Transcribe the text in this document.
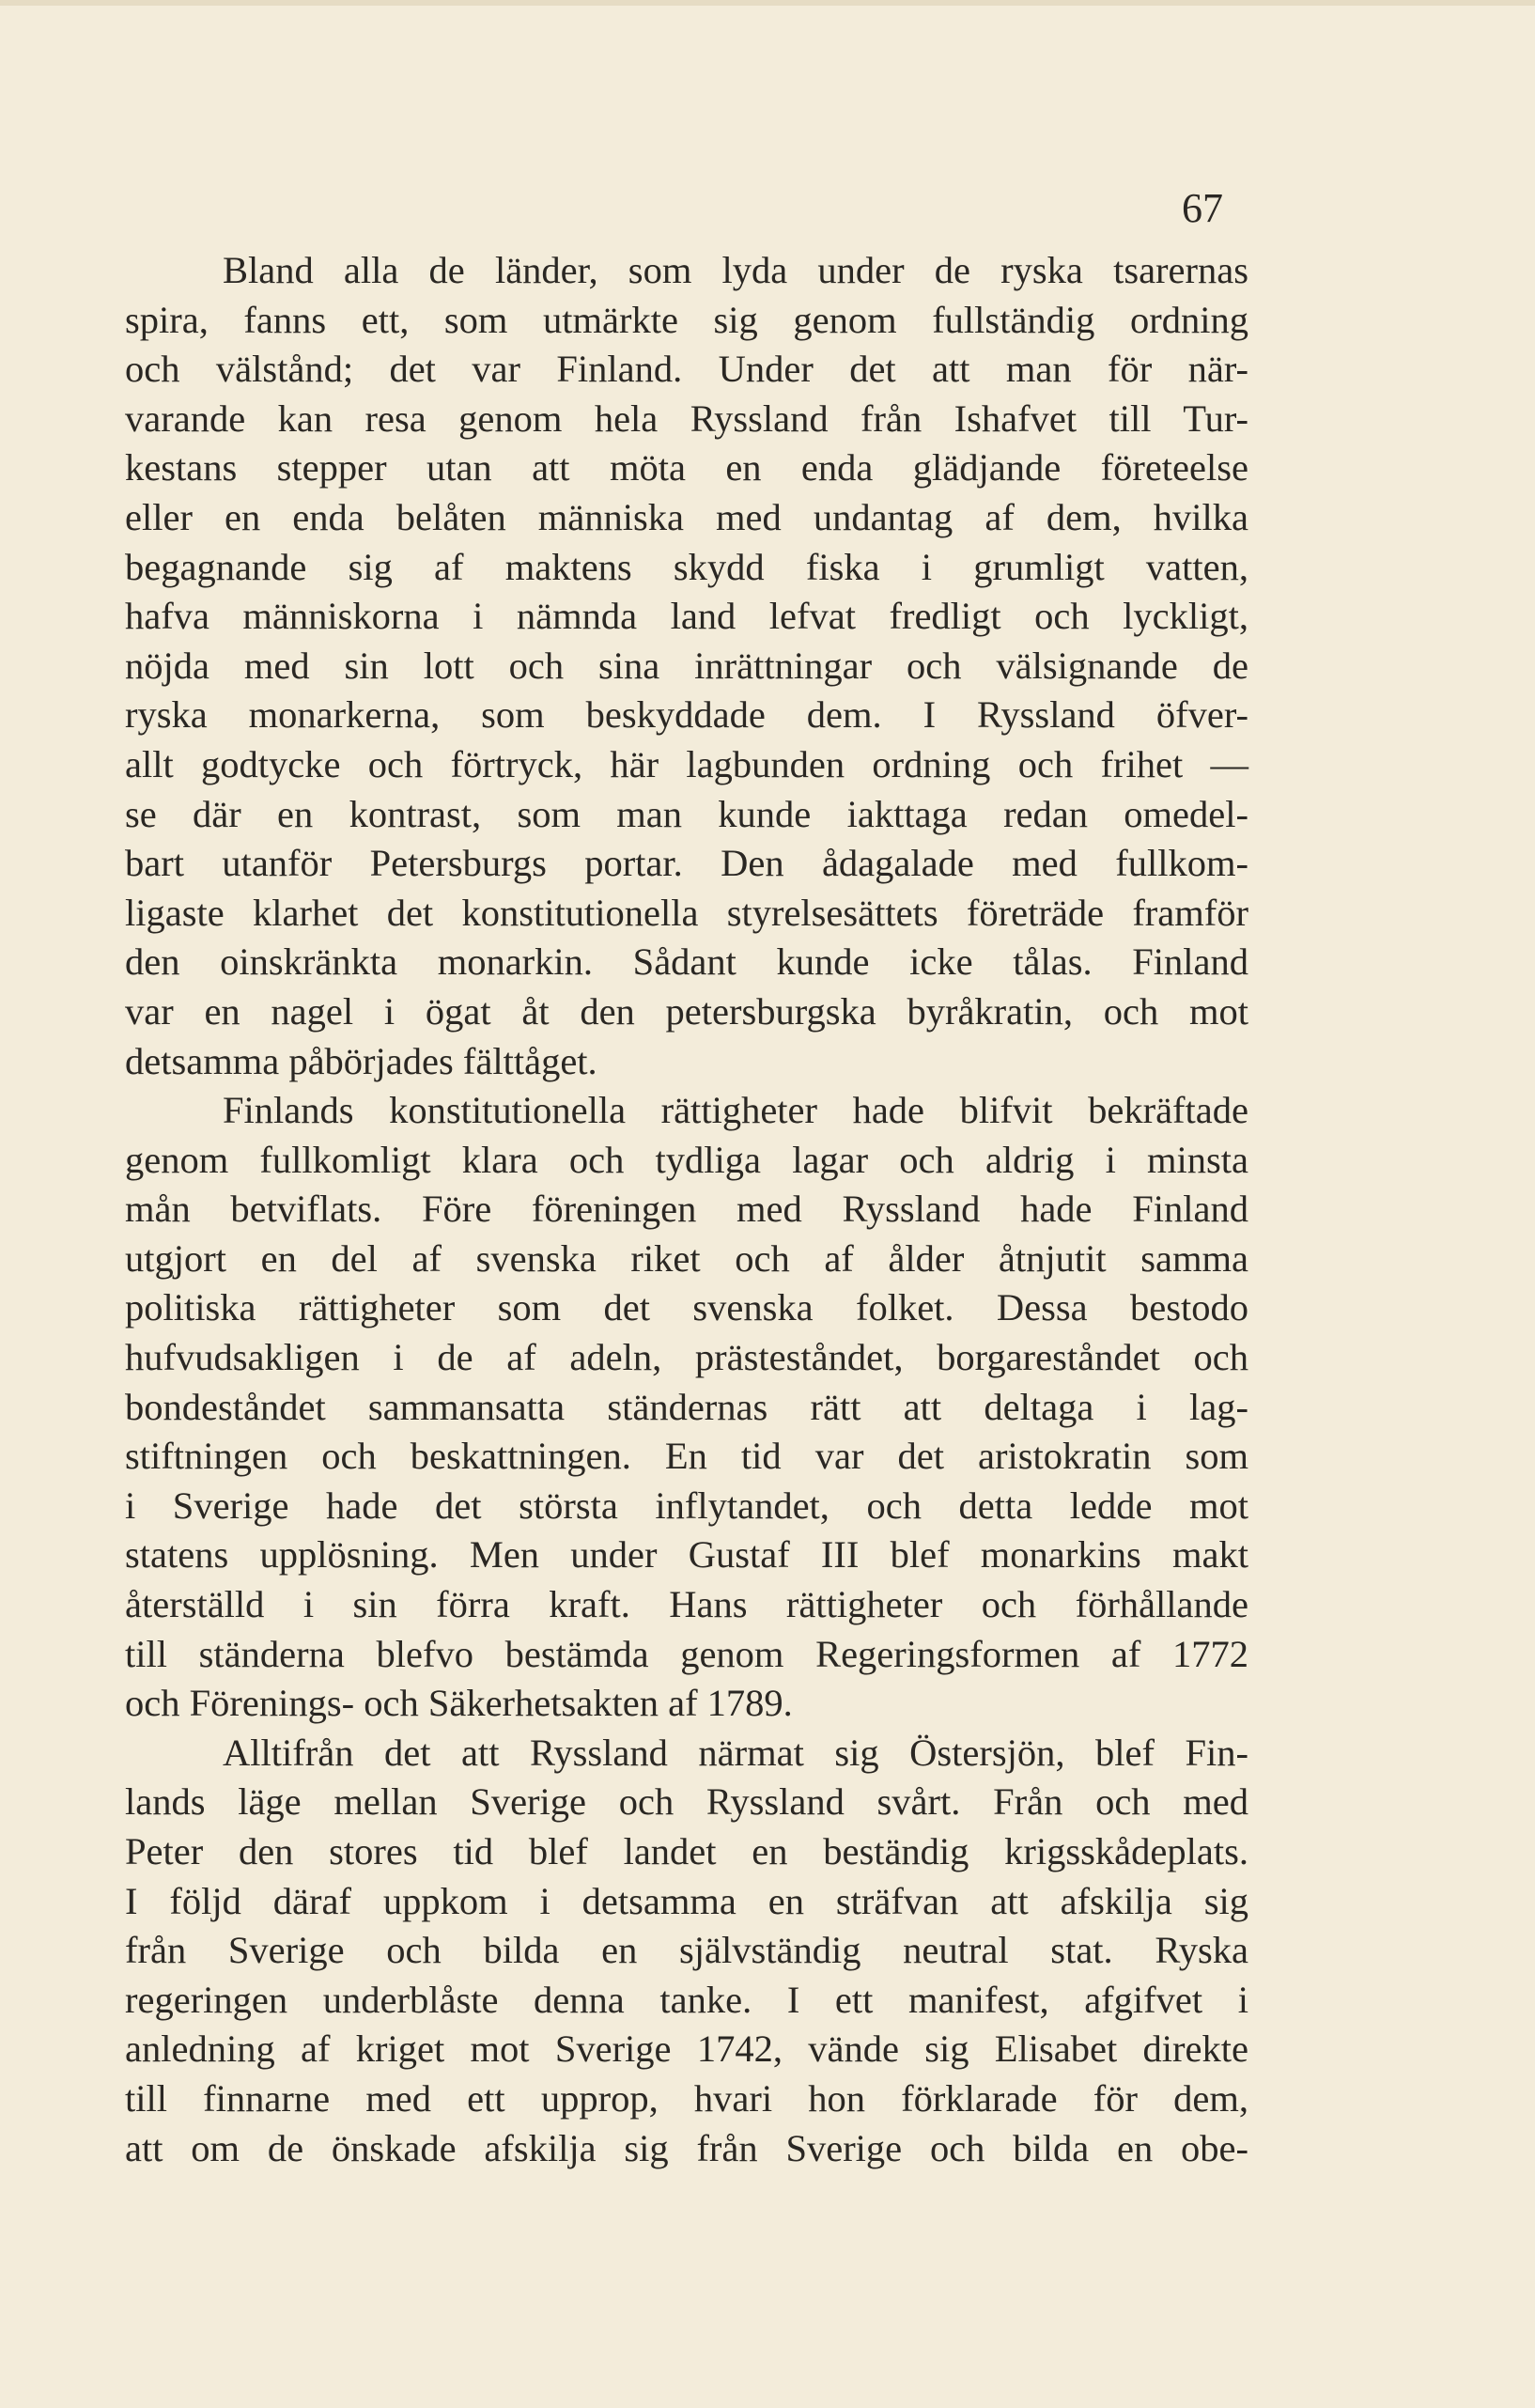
67
Bland alla de länder, som lyda under de ryska tsarernas
spira, fanns ett, som utmärkte sig genom fullständig ordning
och välstånd; det var Finland. Under det att man för när-
varande kan resa genom hela Ryssland från Ishafvet till Tur-
kestans stepper utan att möta en enda glädjande företeelse
eller en enda belåten människa med undantag af dem, hvilka
begagnande sig af maktens skydd fiska i grumligt vatten,
hafva människorna i nämnda land lefvat fredligt och lyckligt,
nöjda med sin lott och sina inrättningar och välsignande de
ryska monarkerna, som beskyddade dem. I Ryssland öfver-
allt godtycke och förtryck, här lagbunden ordning och frihet —
se där en kontrast, som man kunde iakttaga redan omedel-
bart utanför Petersburgs portar. Den ådagalade med fullkom-
ligaste klarhet det konstitutionella styrelsesättets företräde framför
den oinskränkta monarkin. Sådant kunde icke tålas. Finland
var en nagel i ögat åt den petersburgska byråkratin, och mot
detsamma påbörjades fälttåget.
Finlands konstitutionella rättigheter hade blifvit bekräftade
genom fullkomligt klara och tydliga lagar och aldrig i minsta
mån betviflats. Före föreningen med Ryssland hade Finland
utgjort en del af svenska riket och af ålder åtnjutit samma
politiska rättigheter som det svenska folket. Dessa bestodo
hufvudsakligen i de af adeln, prästeståndet, borgareståndet och
bondeståndet sammansatta ständernas rätt att deltaga i lag-
stiftningen och beskattningen. En tid var det aristokratin som
i Sverige hade det största inflytandet, och detta ledde mot
statens upplösning. Men under Gustaf III blef monarkins makt
återställd i sin förra kraft. Hans rättigheter och förhållande
till ständerna blefvo bestämda genom Regeringsformen af 1772
och Förenings- och Säkerhetsakten af 1789.
Alltifrån det att Ryssland närmat sig Östersjön, blef Fin-
lands läge mellan Sverige och Ryssland svårt. Från och med
Peter den stores tid blef landet en beständig krigsskådeplats.
I följd däraf uppkom i detsamma en sträfvan att afskilja sig
från Sverige och bilda en självständig neutral stat. Ryska
regeringen underblåste denna tanke. I ett manifest, afgifvet i
anledning af kriget mot Sverige 1742, vände sig Elisabet direkte
till finnarne med ett upprop, hvari hon förklarade för dem,
att om de önskade afskilja sig från Sverige och bilda en obe-
